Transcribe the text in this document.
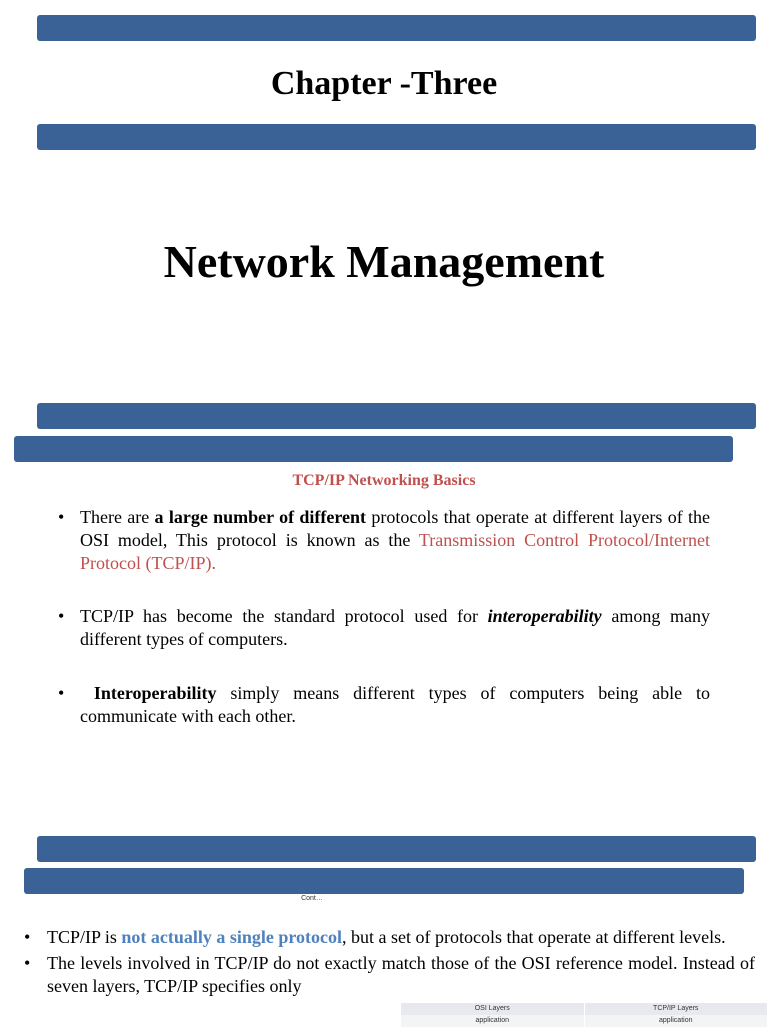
Chapter -Three
Network Management
TCP/IP Networking Basics
• There are a large number of different protocols that operate at different layers of the OSI model, This protocol is known as the Transmission Control Protocol/Internet Protocol (TCP/IP).
• TCP/IP has become the standard protocol used for interoperability among many different types of computers.
• Interoperability simply means different types of computers being able to communicate with each other.
Cont…
• TCP/IP is not actually a single protocol, but a set of protocols that operate at different levels.
• The levels involved in TCP/IP do not exactly match those of the OSI reference model. Instead of seven layers, TCP/IP specifies only
OSI Layers	TCP/IP Layers
application	application
